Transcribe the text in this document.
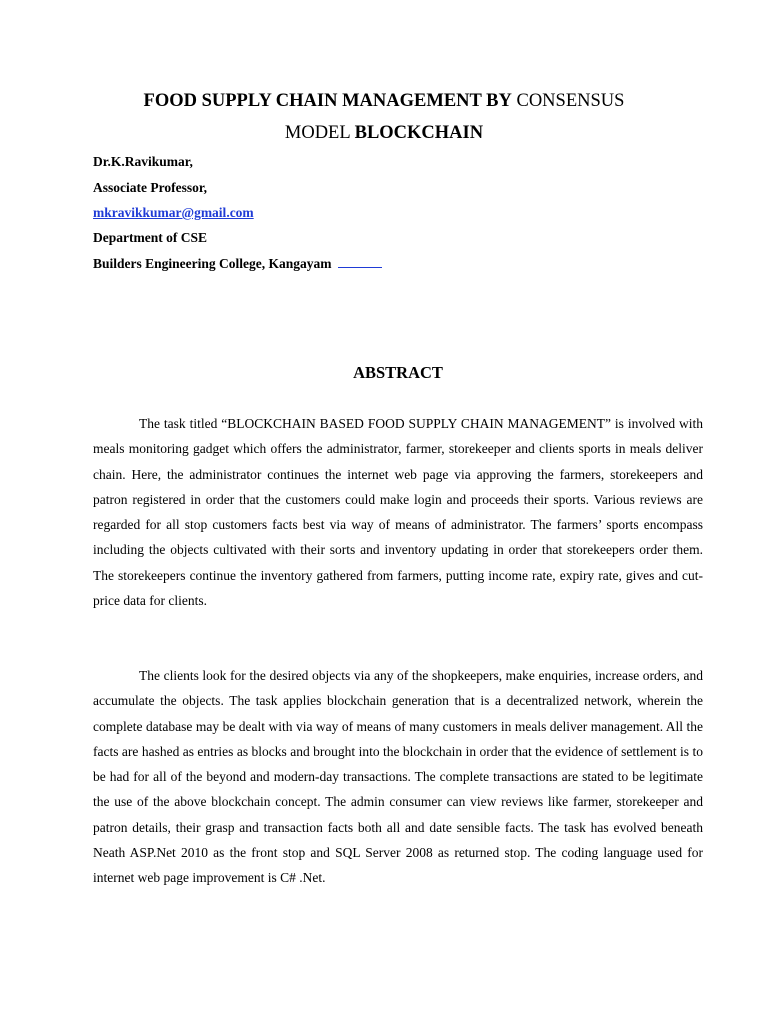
FOOD SUPPLY CHAIN MANAGEMENT BY CONSENSUS
MODEL BLOCKCHAIN
Dr.K.Ravikumar,
Associate Professor,
mkravikkumar@gmail.com
Department of CSE
Builders Engineering College, Kangayam
ABSTRACT

The task titled “BLOCKCHAIN BASED FOOD SUPPLY CHAIN MANAGEMENT” is involved with meals monitoring gadget which offers the administrator, farmer, storekeeper and clients sports in meals deliver chain. Here, the administrator continues the internet web page via approving the farmers, storekeepers and patron registered in order that the customers could make login and proceeds their sports. Various reviews are regarded for all stop customers facts best via way of means of administrator. The farmers’ sports encompass including the objects cultivated with their sorts and inventory updating in order that storekeepers order them. The storekeepers continue the inventory gathered from farmers, putting income rate, expiry rate, gives and cut-price data for clients.

The clients look for the desired objects via any of the shopkeepers, make enquiries, increase orders, and accumulate the objects. The task applies blockchain generation that is a decentralized network, wherein the complete database may be dealt with via way of means of many customers in meals deliver management. All the facts are hashed as entries as blocks and brought into the blockchain in order that the evidence of settlement is to be had for all of the beyond and modern-day transactions. The complete transactions are stated to be legitimate the use of the above blockchain concept. The admin consumer can view reviews like farmer, storekeeper and patron details, their grasp and transaction facts both all and date sensible facts. The task has evolved beneath Neath ASP.Net 2010 as the front stop and SQL Server 2008 as returned stop. The coding language used for internet web page improvement is C# .Net.
